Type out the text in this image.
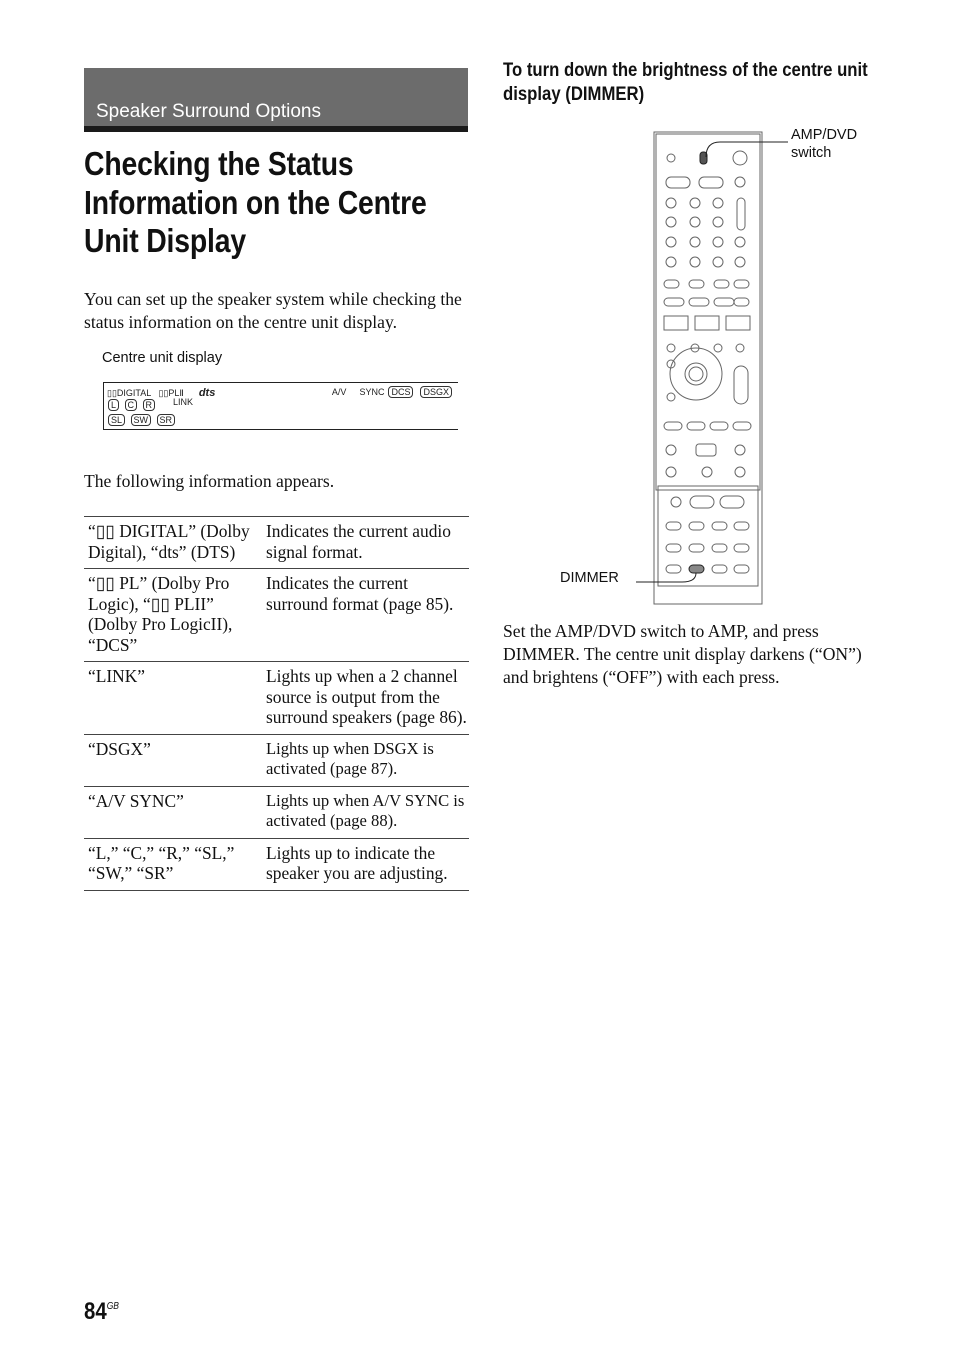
Speaker Surround Options
Checking the Status Information on the Centre Unit Display

You can set up the speaker system while checking the status information on the centre unit display.

Centre unit display
▯▯DIGITAL ▯▯PLⅡ dts
LINK
A/V
SYNC DCS	DSGX
L C R
SL SW SR

The following information appears.

“▯▯ DIGITAL” (Dolby Digital), “dts” (DTS)	Indicates the current audio signal format.
“▯▯ PL” (Dolby Pro Logic), “▯▯ PLII” (Dolby Pro LogicII), “DCS”	Indicates the current surround format (page 85).
“LINK”	Lights up when a 2 channel source is output from the surround speakers (page 86).
“DSGX”	Lights up when DSGX is activated (page 87).
“A/V SYNC”	Lights up when A/V SYNC is activated (page 88).
“L,” “C,” “R,” “SL,” “SW,” “SR”	Lights up to indicate the speaker you are adjusting.
To turn down the brightness of the centre unit display (DIMMER)
AMP/DVD switch
DIMMER

Set the AMP/DVD switch to AMP, and press DIMMER. The centre unit display darkens (“ON”) and brightens (“OFF”) with each press.

$84^{GB}$
